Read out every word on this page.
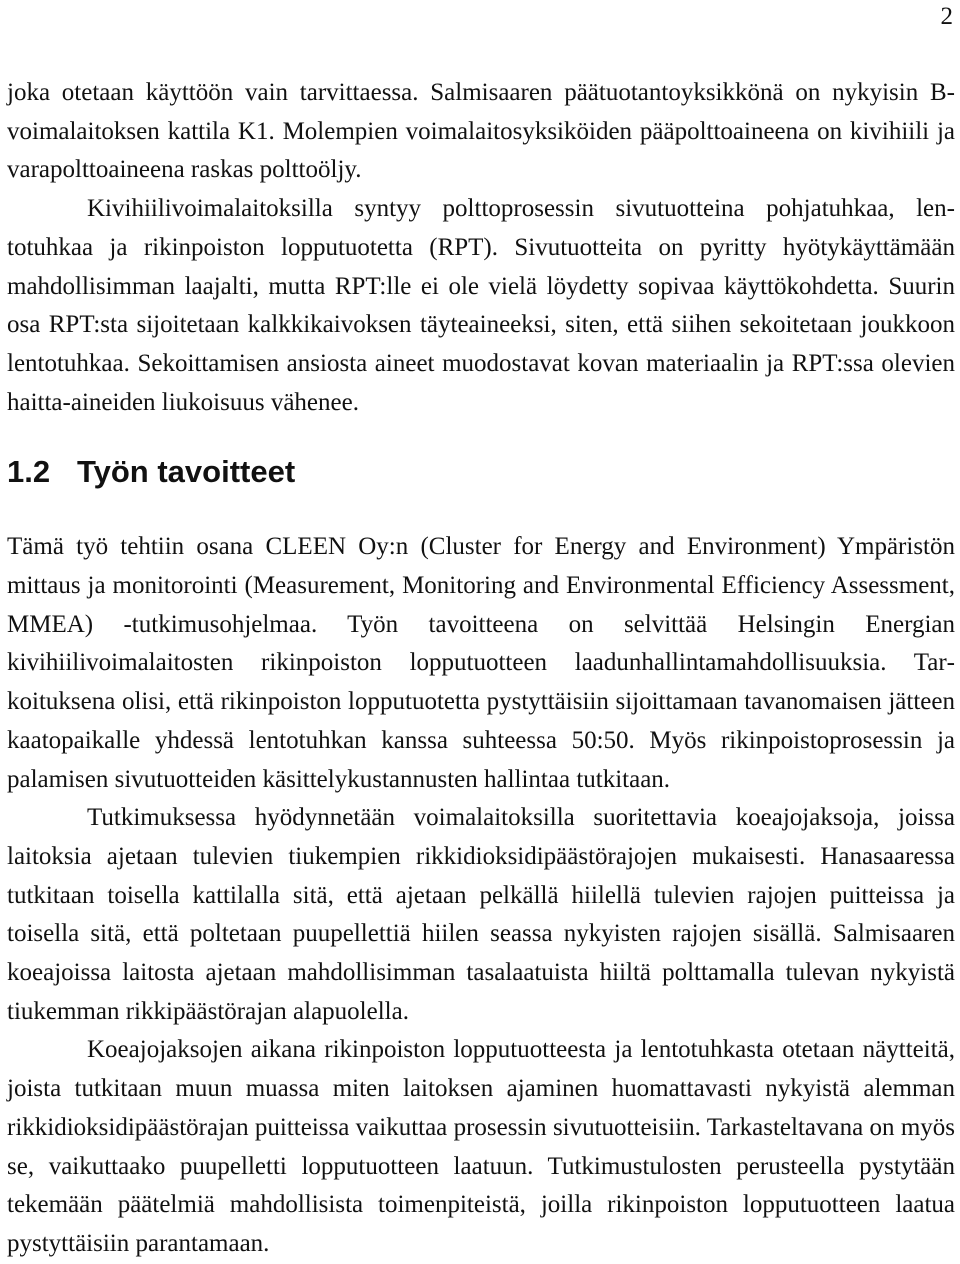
2

joka otetaan käyttöön vain tarvittaessa. Salmisaaren päätuotantoyksikkönä on nykyisin B-voimalaitoksen kattila K1. Molempien voimalaitosyksiköiden pääpolttoaineena on kivihiili ja varapolttoaineena raskas polttoöljy.

Kivihiilivoimalaitoksilla syntyy polttoprosessin sivutuotteina pohjatuhkaa, lentotuhkaa ja rikinpoiston lopputuotetta (RPT). Sivutuotteita on pyritty hyötykäyttämään mahdollisimman laajalti, mutta RPT:lle ei ole vielä löydetty sopivaa käyttökohdetta. Suurin osa RPT:sta sijoitetaan kalkkikaivoksen täyteaineeksi, siten, että siihen sekoitetaan joukkoon lentotuhkaa. Sekoittamisen ansiosta aineet muodostavat kovan materiaalin ja RPT:ssa olevien haitta-aineiden liukoisuus vähenee.

1.2 Työn tavoitteet

Tämä työ tehtiin osana CLEEN Oy:n (Cluster for Energy and Environment) Ympäristön mittaus ja monitorointi (Measurement, Monitoring and Environmental Efficiency Assessment, MMEA) -tutkimusohjelmaa. Työn tavoitteena on selvittää Helsingin Energian kivihiilivoimalaitosten rikinpoiston lopputuotteen laadunhallintamahdollisuuksia. Tarkoituksena olisi, että rikinpoiston lopputuotetta pystyttäisiin sijoittamaan tavanomaisen jätteen kaatopaikalle yhdessä lentotuhkan kanssa suhteessa 50:50. Myös rikinpoistoprosessin ja palamisen sivutuotteiden käsittelykustannusten hallintaa tutkitaan.

Tutkimuksessa hyödynnetään voimalaitoksilla suoritettavia koeajojaksoja, joissa laitoksia ajetaan tulevien tiukempien rikkidioksidipäästörajojen mukaisesti. Hanasaaressa tutkitaan toisella kattilalla sitä, että ajetaan pelkällä hiilellä tulevien rajojen puitteissa ja toisella sitä, että poltetaan puupellettiä hiilen seassa nykyisten rajojen sisällä. Salmisaaren koeajoissa laitosta ajetaan mahdollisimman tasalaatuista hiiltä polttamalla tulevan nykyistä tiukemman rikkipäästörajan alapuolella.

Koeajojaksojen aikana rikinpoiston lopputuotteesta ja lentotuhkasta otetaan näytteitä, joista tutkitaan muun muassa miten laitoksen ajaminen huomattavasti nykyistä alemman rikkidioksidipäästörajan puitteissa vaikuttaa prosessin sivutuotteisiin. Tarkasteltavana on myös se, vaikuttaako puupelletti lopputuotteen laatuun. Tutkimustulosten perusteella pystytään tekemään päätelmiä mahdollisista toimenpiteistä, joilla rikinpoiston lopputuotteen laatua pystyttäisiin parantamaan.
